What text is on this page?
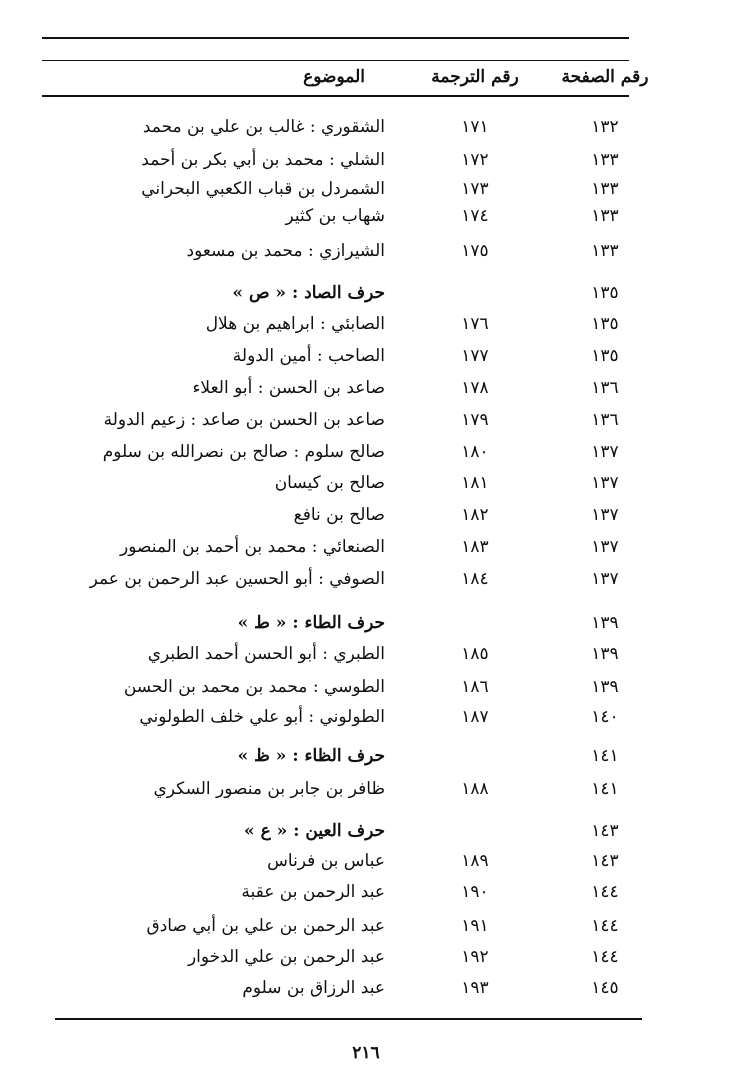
رقم الصفحة
رقم الترجمة
الموضوع
١٣٢
١٧١
الشقوري : غالب بن علي بن محمد
١٣٣
١٧٢
الشلي : محمد بن أبي بكر بن أحمد
١٣٣
١٧٣
الشمردل بن قباب الكعبي البحراني
١٣٣
١٧٤
شهاب بن كثير
١٣٣
١٧٥
الشيرازي : محمد بن مسعود
١٣٥
حرف الصاد : « ص »
١٣٥
١٧٦
الصابئي : ابراهيم بن هلال
١٣٥
١٧٧
الصاحب : أمين الدولة
١٣٦
١٧٨
صاعد بن الحسن : أبو العلاء
١٣٦
١٧٩
صاعد بن الحسن بن صاعد : زعيم الدولة
١٣٧
١٨٠
صالح سلوم : صالح بن نصرالله بن سلوم
١٣٧
١٨١
صالح بن كيسان
١٣٧
١٨٢
صالح بن نافع
١٣٧
١٨٣
الصنعائي : محمد بن أحمد بن المنصور
١٣٧
١٨٤
الصوفي : أبو الحسين عبد الرحمن بن عمر
١٣٩
حرف الطاء : « ط »
١٣٩
١٨٥
الطبري : أبو الحسن أحمد الطبري
١٣٩
١٨٦
الطوسي : محمد بن محمد بن الحسن
١٤٠
١٨٧
الطولوني : أبو علي خلف الطولوني
١٤١
حرف الظاء : « ظ »
١٤١
١٨٨
ظافر بن جابر بن منصور السكري
١٤٣
حرف العين : « ع »
١٤٣
١٨٩
عباس بن فرناس
١٤٤
١٩٠
عبد الرحمن بن عقبة
١٤٤
١٩١
عبد الرحمن بن علي بن أبي صادق
١٤٤
١٩٢
عبد الرحمن بن علي الدخوار
١٤٥
١٩٣
عبد الرزاق بن سلوم
٢١٦
